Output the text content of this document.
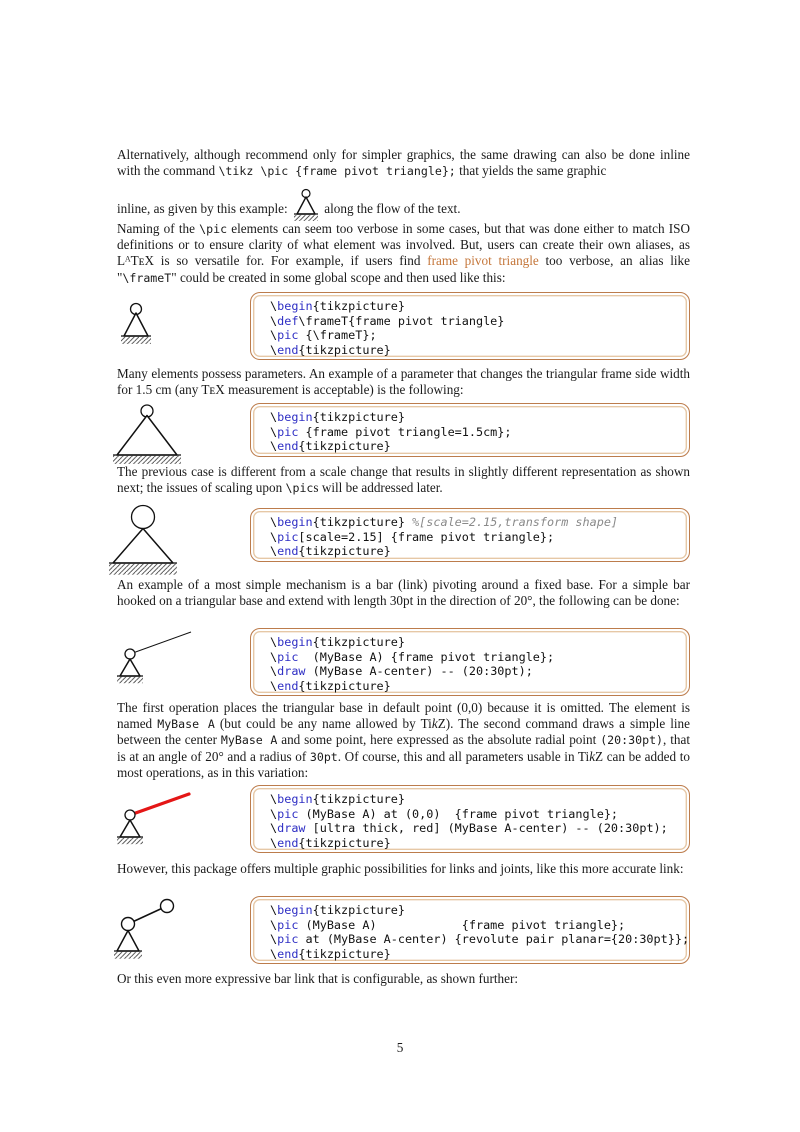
Alternatively, although recommend only for simpler graphics, the same drawing can also be done inline with the command \tikz \pic {frame pivot triangle}; that yields the same graphic
inline, as given by this example:  along the flow of the text.
Naming of the \pic elements can seem too verbose in some cases, but that was done either to match ISO definitions or to ensure clarity of what element was involved. But, users can create their own aliases, as LᴬTᴇX is so versatile for. For example, if users find frame pivot triangle too verbose, an alias like "\frameT" could be created in some global scope and then used like this:
\begin{tikzpicture}
\def\frameT{frame pivot triangle}
\pic {\frameT};
\end{tikzpicture}
Many elements possess parameters. An example of a parameter that changes the triangular frame side width for 1.5 cm (any TᴇX measurement is acceptable) is the following:
\begin{tikzpicture}
\pic {frame pivot triangle=1.5cm};
\end{tikzpicture}
The previous case is different from a scale change that results in slightly different representation as shown next; the issues of scaling upon \pics will be addressed later.
\begin{tikzpicture} %[scale=2.15,transform shape]
\pic[scale=2.15] {frame pivot triangle};
\end{tikzpicture}
An example of a most simple mechanism is a bar (link) pivoting around a fixed base. For a simple bar hooked on a triangular base and extend with length 30pt in the direction of 20°, the following can be done:
\begin{tikzpicture}
\pic  (MyBase A) {frame pivot triangle};
\draw (MyBase A-center) -- (20:30pt);
\end{tikzpicture}
The first operation places the triangular base in default point (0,0) because it is omitted. The element is named MyBase A (but could be any name allowed by TikZ). The second command draws a simple line between the center MyBase A and some point, here expressed as the absolute radial point (20:30pt), that is at an angle of 20° and a radius of 30pt. Of course, this and all parameters usable in TikZ can be added to most operations, as in this variation:
\begin{tikzpicture}
\pic (MyBase A) at (0,0)  {frame pivot triangle};
\draw [ultra thick, red] (MyBase A-center) -- (20:30pt);
\end{tikzpicture}
However, this package offers multiple graphic possibilities for links and joints, like this more accurate link:
\begin{tikzpicture}
\pic (MyBase A)            {frame pivot triangle};
\pic at (MyBase A-center) {revolute pair planar={20:30pt}};
\end{tikzpicture}
Or this even more expressive bar link that is configurable, as shown further:
5
